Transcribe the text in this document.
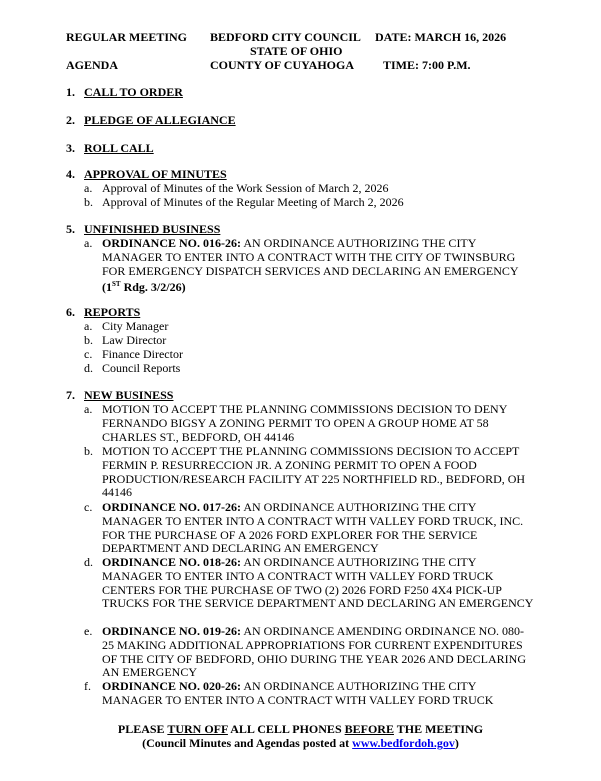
REGULAR MEETING BEDFORD CITY COUNCIL DATE: MARCH 16, 2026
STATE OF OHIO
AGENDA	COUNTY OF CUYAHOGA TIME: 7:00 P.M.
1. CALL TO ORDER
2. PLEDGE OF ALLEGIANCE
3. ROLL CALL
4. APPROVAL OF MINUTES
a. Approval of Minutes of the Work Session of March 2, 2026
b. Approval of Minutes of the Regular Meeting of March 2, 2026
5. UNFINISHED BUSINESS
a. ORDINANCE NO. 016-26: AN ORDINANCE AUTHORIZING THE CITY MANAGER TO ENTER INTO A CONTRACT WITH THE CITY OF TWINSBURG FOR EMERGENCY DISPATCH SERVICES AND DECLARING AN EMERGENCY
(1ST Rdg. 3/2/26)
6. REPORTS
a. City Manager
b. Law Director
c. Finance Director
d. Council Reports
7. NEW BUSINESS
a. MOTION TO ACCEPT THE PLANNING COMMISSIONS DECISION TO DENY FERNANDO BIGSY A ZONING PERMIT TO OPEN A GROUP HOME AT 58 CHARLES ST., BEDFORD, OH 44146
b. MOTION TO ACCEPT THE PLANNING COMMISSIONS DECISION TO ACCEPT FERMIN P. RESURRECCION JR. A ZONING PERMIT TO OPEN A FOOD PRODUCTION/RESEARCH FACILITY AT 225 NORTHFIELD RD., BEDFORD, OH 44146
c. ORDINANCE NO. 017-26: AN ORDINANCE AUTHORIZING THE CITY MANAGER TO ENTER INTO A CONTRACT WITH VALLEY FORD TRUCK, INC. FOR THE PURCHASE OF A 2026 FORD EXPLORER FOR THE SERVICE DEPARTMENT AND DECLARING AN EMERGENCY
d. ORDINANCE NO. 018-26: AN ORDINANCE AUTHORIZING THE CITY MANAGER TO ENTER INTO A CONTRACT WITH VALLEY FORD TRUCK CENTERS FOR THE PURCHASE OF TWO (2) 2026 FORD F250 4X4 PICK-UP TRUCKS FOR THE SERVICE DEPARTMENT AND DECLARING AN EMERGENCY
e. ORDINANCE NO. 019-26: AN ORDINANCE AMENDING ORDINANCE NO. 080-25 MAKING ADDITIONAL APPROPRIATIONS FOR CURRENT EXPENDITURES OF THE CITY OF BEDFORD, OHIO DURING THE YEAR 2026 AND DECLARING AN EMERGENCY
f. ORDINANCE NO. 020-26: AN ORDINANCE AUTHORIZING THE CITY MANAGER TO ENTER INTO A CONTRACT WITH VALLEY FORD TRUCK
PLEASE TURN OFF ALL CELL PHONES BEFORE THE MEETING
(Council Minutes and Agendas posted at www.bedfordoh.gov)
